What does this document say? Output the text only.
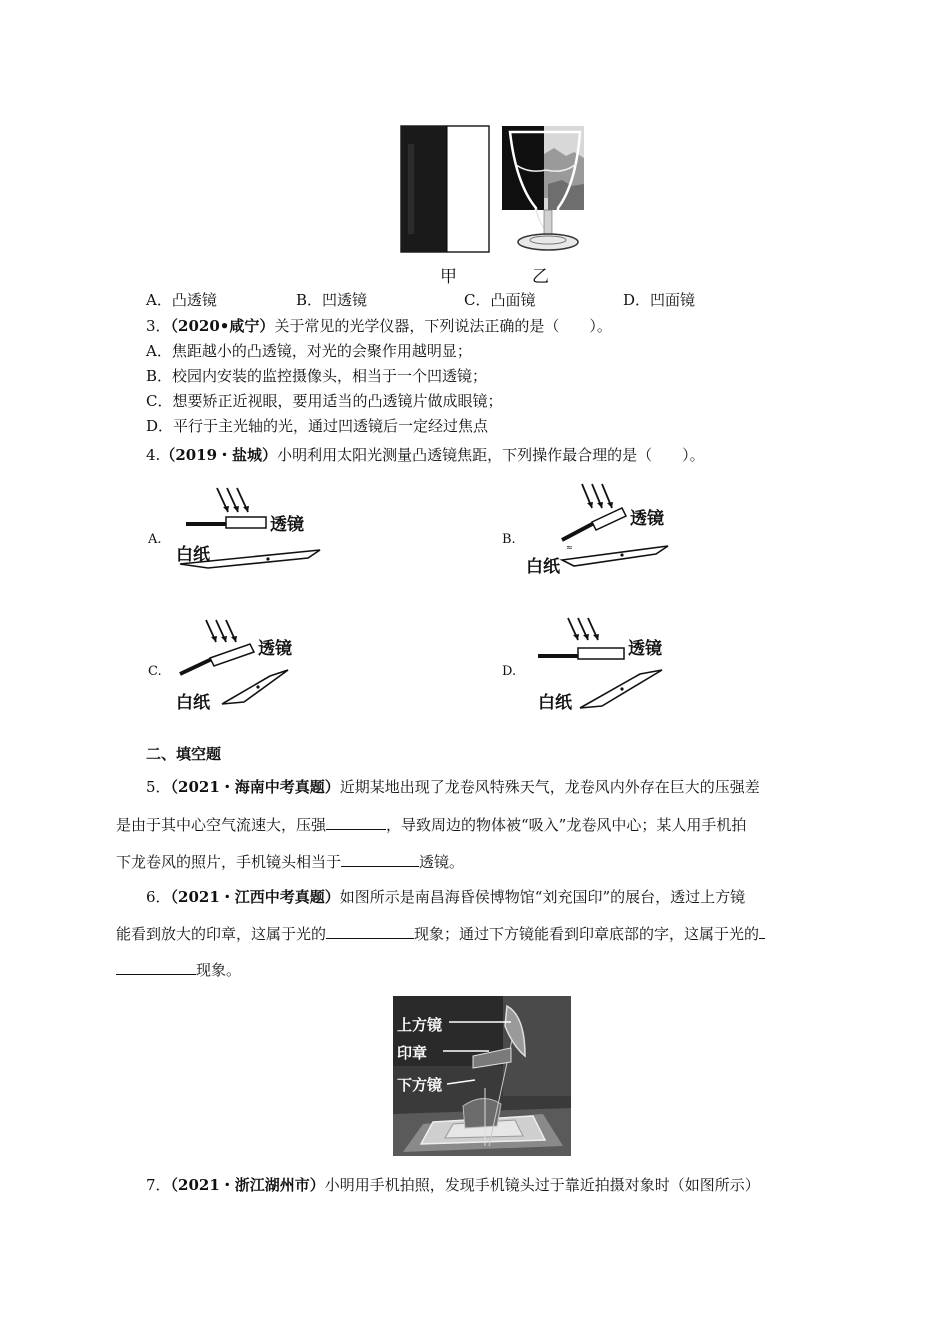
甲	乙
A．凸透镜	B．凹透镜	C．凸面镜	D．凹面镜
3．（2020•咸宁）关于常见的光学仪器，下列说法正确的是（　　）。
A．焦距越小的凸透镜，对光的会聚作用越明显；
B．校园内安装的监控摄像头，相当于一个凹透镜；
C．想要矫正近视眼，要用适当的凸透镜片做成眼镜；
D．平行于主光轴的光，通过凹透镜后一定经过焦点
4.（2019・盐城）小明利用太阳光测量凸透镜焦距，下列操作最合理的是（　　）。
A.
透镜
白纸
B.
≈
透镜
白纸
C.
透镜
白纸
D.
透镜
白纸
二、填空题
5．（2021・海南中考真题）近期某地出现了龙卷风特殊天气，龙卷风内外存在巨大的压强差
是由于其中心空气流速大，压强	，导致周边的物体被“吸入”龙卷风中心；某人用手机拍
下龙卷风的照片，手机镜头相当于	透镜。
6．（2021・江西中考真题）如图所示是南昌海昏侯博物馆“刘充国印”的展台，透过上方镜
能看到放大的印章，这属于光的	现象；通过下方镜能看到印章底部的字，这属于光的
现象。
上方镜
印章
下方镜
7．（2021・浙江湖州市）小明用手机拍照，发现手机镜头过于靠近拍摄对象时（如图所示）
